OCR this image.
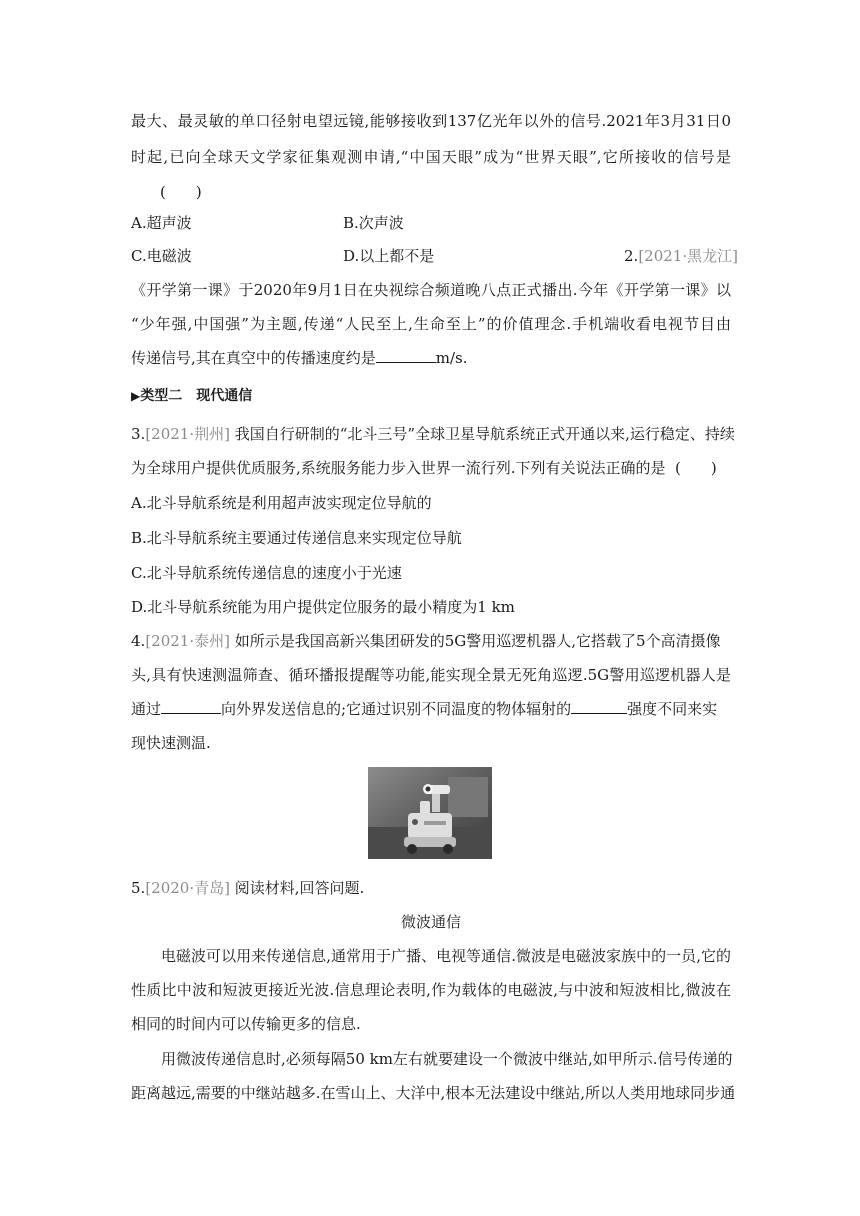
最大、最灵敏的单口径射电望远镜,能够接收到137亿光年以外的信号.2021年3月31日0
时起,已向全球天文学家征集观测申请,“中国天眼”成为“世界天眼”,它所接收的信号是
(　　)
A.超声波	B.次声波
C.电磁波	D.以上都不是	2.[2021·黑龙江]
《开学第一课》于2020年9月1日在央视综合频道晚八点正式播出.今年《开学第一课》以
“少年强,中国强”为主题,传递“人民至上,生命至上”的价值理念.手机端收看电视节目由
传递信号,其在真空中的传播速度约是	m/s.
▶类型二　现代通信
3.[2021·荆州] 我国自行研制的“北斗三号”全球卫星导航系统正式开通以来,运行稳定、持续
为全球用户提供优质服务,系统服务能力步入世界一流行列.下列有关说法正确的是 (　　)
A.北斗导航系统是利用超声波实现定位导航的
B.北斗导航系统主要通过传递信息来实现定位导航
C.北斗导航系统传递信息的速度小于光速
D.北斗导航系统能为用户提供定位服务的最小精度为1 km
4.[2021·泰州] 如所示是我国高新兴集团研发的5G警用巡逻机器人,它搭载了5个高清摄像
头,具有快速测温筛查、循环播报提醒等功能,能实现全景无死角巡逻.5G警用巡逻机器人是
通过	向外界发送信息的;它通过识别不同温度的物体辐射的	强度不同来实
现快速测温.
5.[2020·青岛] 阅读材料,回答问题.
微波通信
电磁波可以用来传递信息,通常用于广播、电视等通信.微波是电磁波家族中的一员,它的
性质比中波和短波更接近光波.信息理论表明,作为载体的电磁波,与中波和短波相比,微波在
相同的时间内可以传输更多的信息.
用微波传递信息时,必须每隔50 km左右就要建设一个微波中继站,如甲所示.信号传递的
距离越远,需要的中继站越多.在雪山上、大洋中,根本无法建设中继站,所以人类用地球同步通
